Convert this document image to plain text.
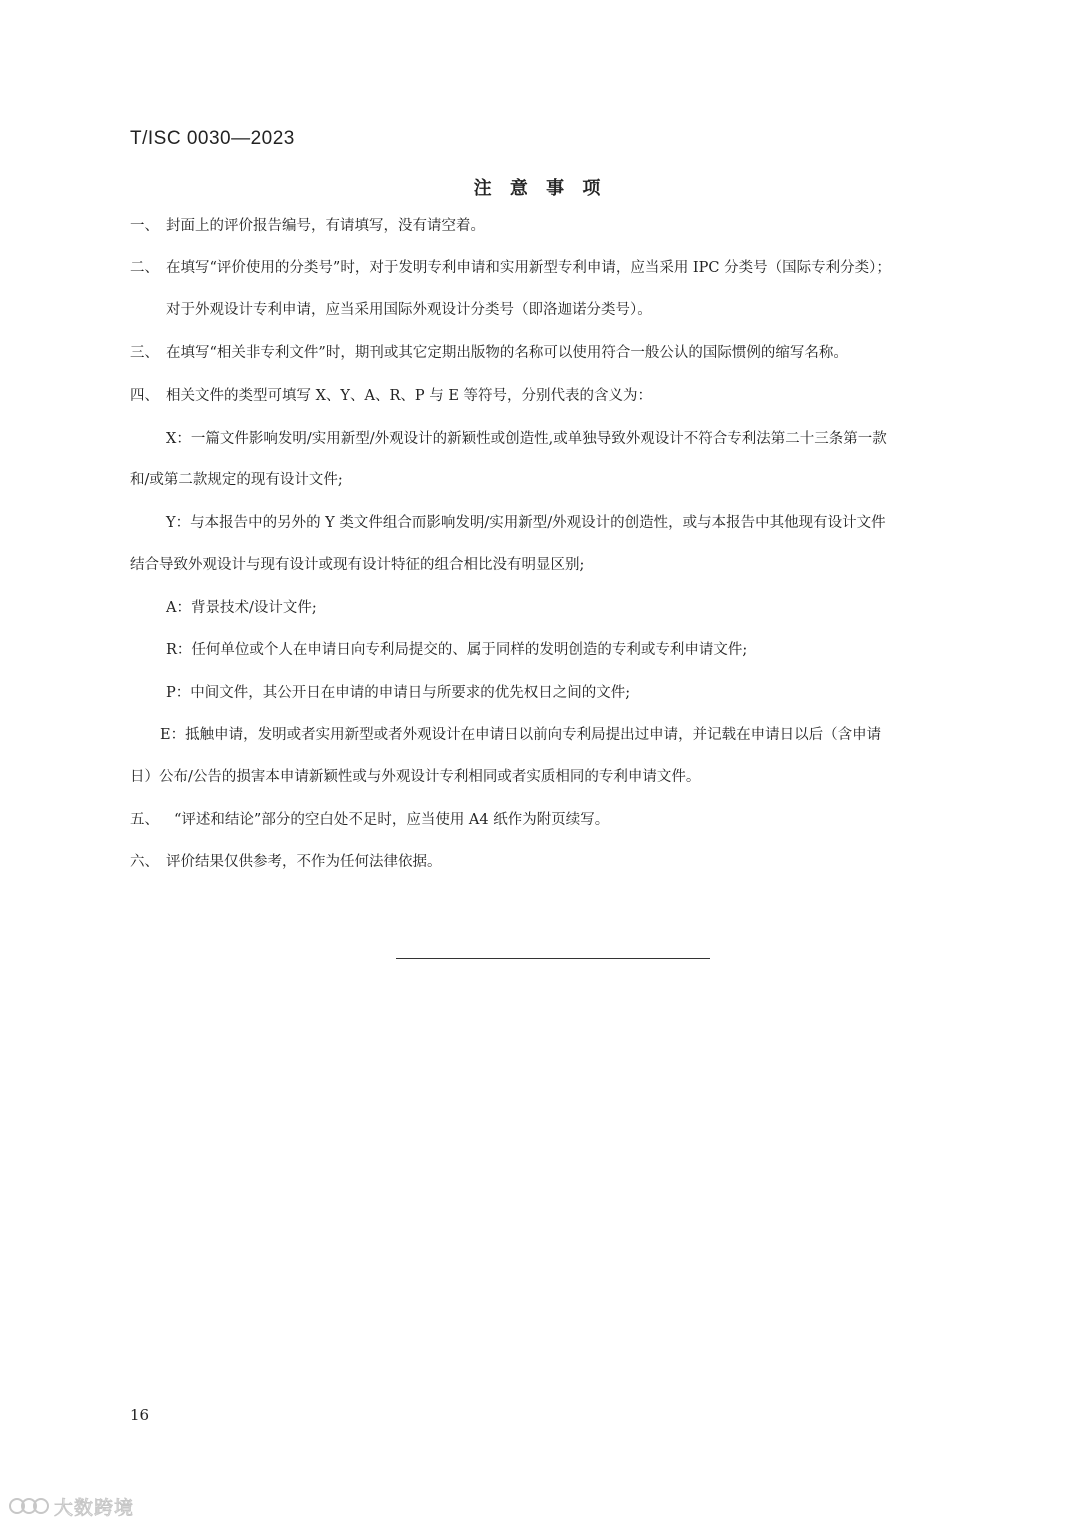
T/ISC 0030—2023
注 意 事 项
一、 封面上的评价报告编号，有请填写，没有请空着。
二、 在填写“评价使用的分类号”时，对于发明专利申请和实用新型专利申请，应当采用 IPC 分类号（国际专利分类）；
对于外观设计专利申请，应当采用国际外观设计分类号（即洛迦诺分类号）。
三、 在填写“相关非专利文件”时，期刊或其它定期出版物的名称可以使用符合一般公认的国际惯例的缩写名称。
四、 相关文件的类型可填写 X、Y、A、R、P 与 E 等符号，分别代表的含义为：
X：一篇文件影响发明/实用新型/外观设计的新颖性或创造性,或单独导致外观设计不符合专利法第二十三条第一款
和/或第二款规定的现有设计文件;
Y：与本报告中的另外的 Y 类文件组合而影响发明/实用新型/外观设计的创造性，或与本报告中其他现有设计文件
结合导致外观设计与现有设计或现有设计特征的组合相比没有明显区别;
A：背景技术/设计文件;
R：任何单位或个人在申请日向专利局提交的、属于同样的发明创造的专利或专利申请文件;
P：中间文件，其公开日在申请的申请日与所要求的优先权日之间的文件;
E：抵触申请，发明或者实用新型或者外观设计在申请日以前向专利局提出过申请，并记载在申请日以后（含申请
日）公布/公告的损害本申请新颖性或与外观设计专利相同或者实质相同的专利申请文件。
五、 “评述和结论”部分的空白处不足时，应当使用 A4 纸作为附页续写。
六、 评价结果仅供参考，不作为任何法律依据。
16
大数跨境
